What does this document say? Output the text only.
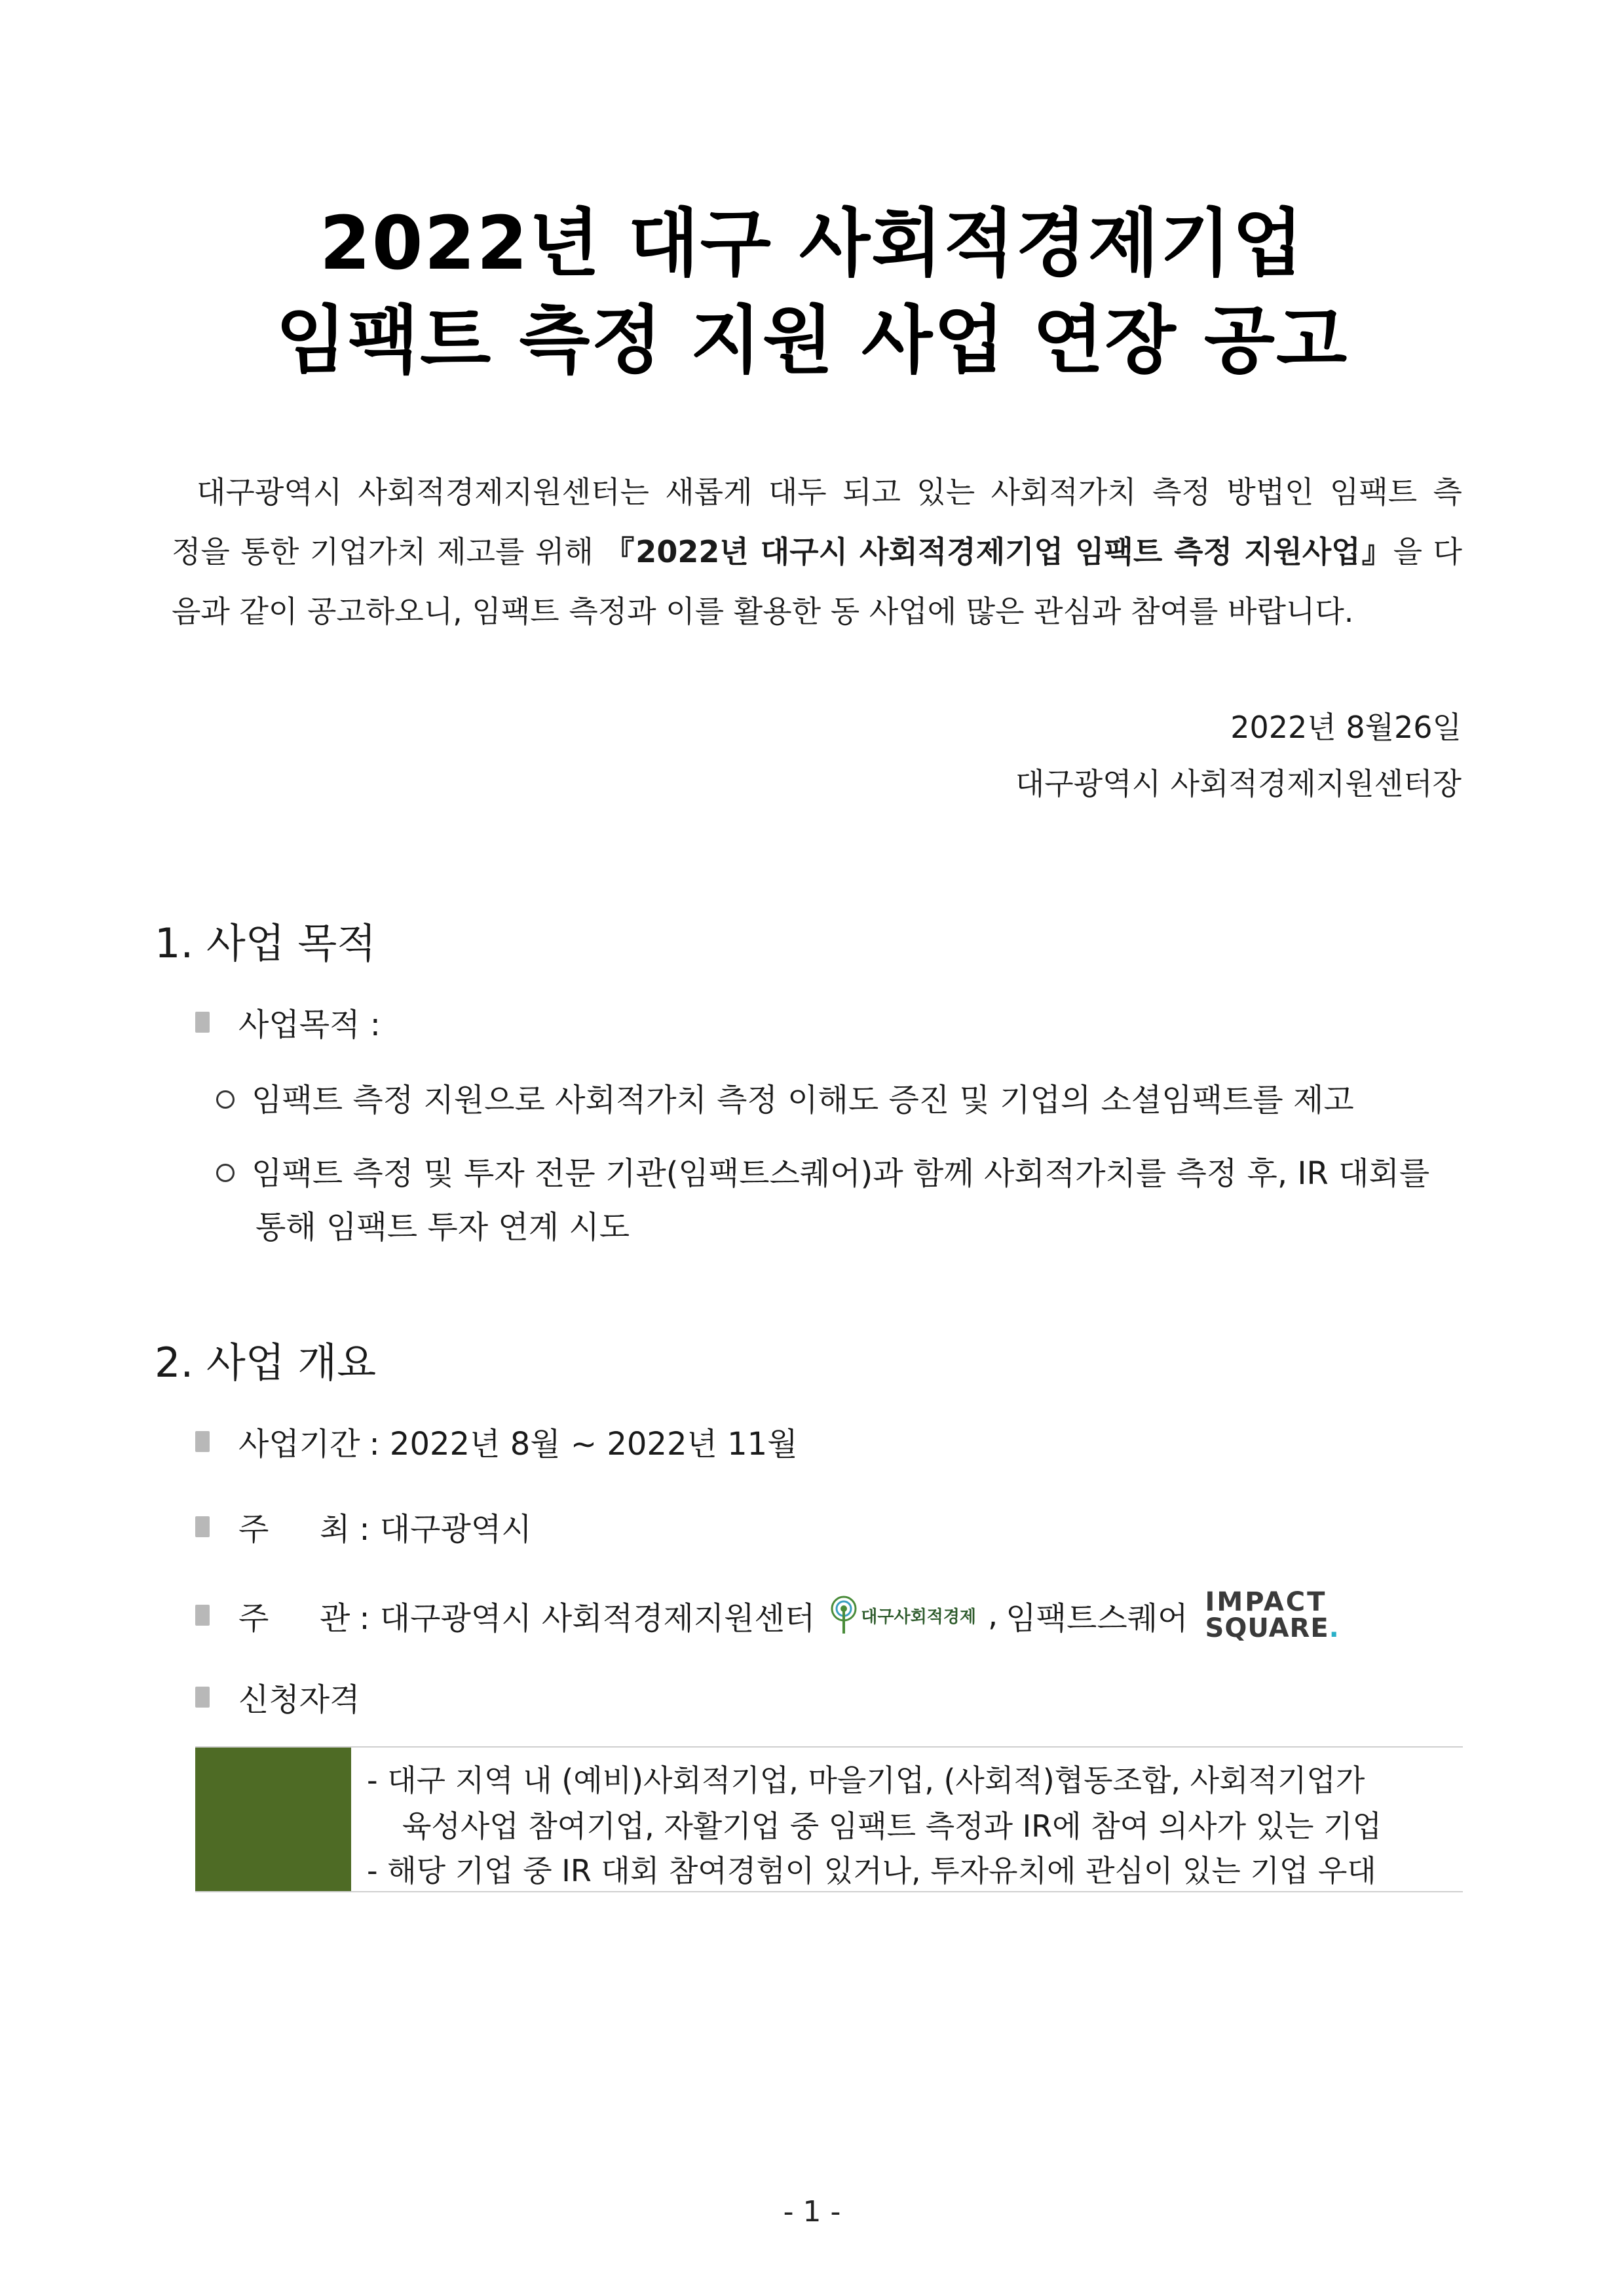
2022년 대구 사회적경제기업
임팩트 측정 지원 사업 연장 공고
대구광역시 사회적경제지원센터는 새롭게 대두 되고 있는 사회적가치 측정 방법인 임팩트 측
정을 통한 기업가치 제고를 위해 『2022년 대구시 사회적경제기업 임팩트 측정 지원사업』을 다
음과 같이 공고하오니, 임팩트 측정과 이를 활용한 동 사업에 많은 관심과 참여를 바랍니다.
2022년 8월26일
대구광역시 사회적경제지원센터장
1. 사업 목적
사업목적 :
임팩트 측정 지원으로 사회적가치 측정 이해도 증진 및 기업의 소셜임팩트를 제고
임팩트 측정 및 투자 전문 기관(임팩트스퀘어)과 함께 사회적가치를 측정 후, IR 대회를
통해 임팩트 투자 연계 시도
2. 사업 개요
사업기간 : 2022년 8월 ~ 2022년 11월
주	최 : 대구광역시
주	관 : 대구광역시 사회적경제지원센터	대구사회적경제 , 임팩트스퀘어 IMPACT
SQUARE.
신청자격
- 대구 지역 내 (예비)사회적기업, 마을기업, (사회적)협동조합, 사회적기업가
육성사업 참여기업, 자활기업 중 임팩트 측정과 IR에 참여 의사가 있는 기업
- 해당 기업 중 IR 대회 참여경험이 있거나, 투자유치에 관심이 있는 기업 우대
- 1 -
